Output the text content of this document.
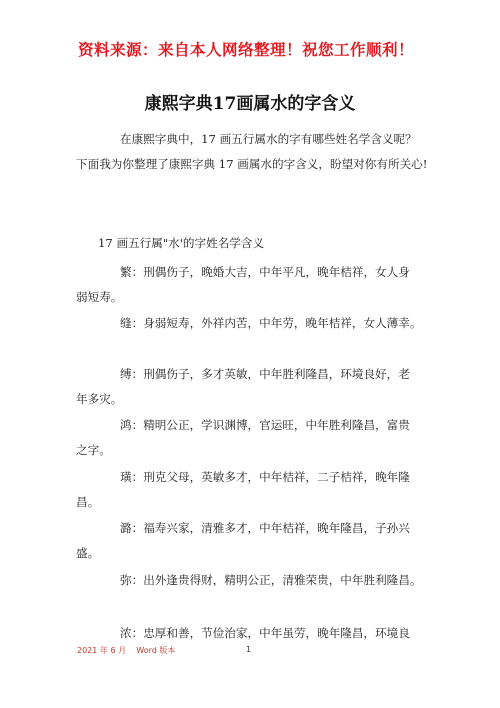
资料来源：来自本人网络整理！祝您工作顺利！
康熙字典17画属水的字含义
在康熙字典中，17 画五行属水的字有哪些姓名学含义呢？
下面我为你整理了康熙字典 17 画属水的字含义，盼望对你有所关心!
17 画五行属"水'的字姓名学含义
繁：刑偶伤子，晚婚大吉，中年平凡，晚年桔祥，女人身
弱短寿。
缝：身弱短寿，外祥内苦，中年劳，晚年桔祥，女人薄幸。
缚：刑偶伤子，多才英敏，中年胜利隆昌，环境良好，老
年多灾。
鸿：精明公正，学识渊博，官运旺，中年胜利隆昌，富贵
之字。
璜：刑克父母，英敏多才，中年桔祥，二子桔祥，晚年隆
昌。
潞：福寿兴家，清雅多才，中年桔祥，晚年隆昌，子孙兴
盛。
弥：出外逢贵得财，精明公正，清雅荣贵，中年胜利隆昌。
浓：忠厚和善，节俭治家，中年虽劳，晚年隆昌，环境良
2021 年 6 月 Word 版本	1
